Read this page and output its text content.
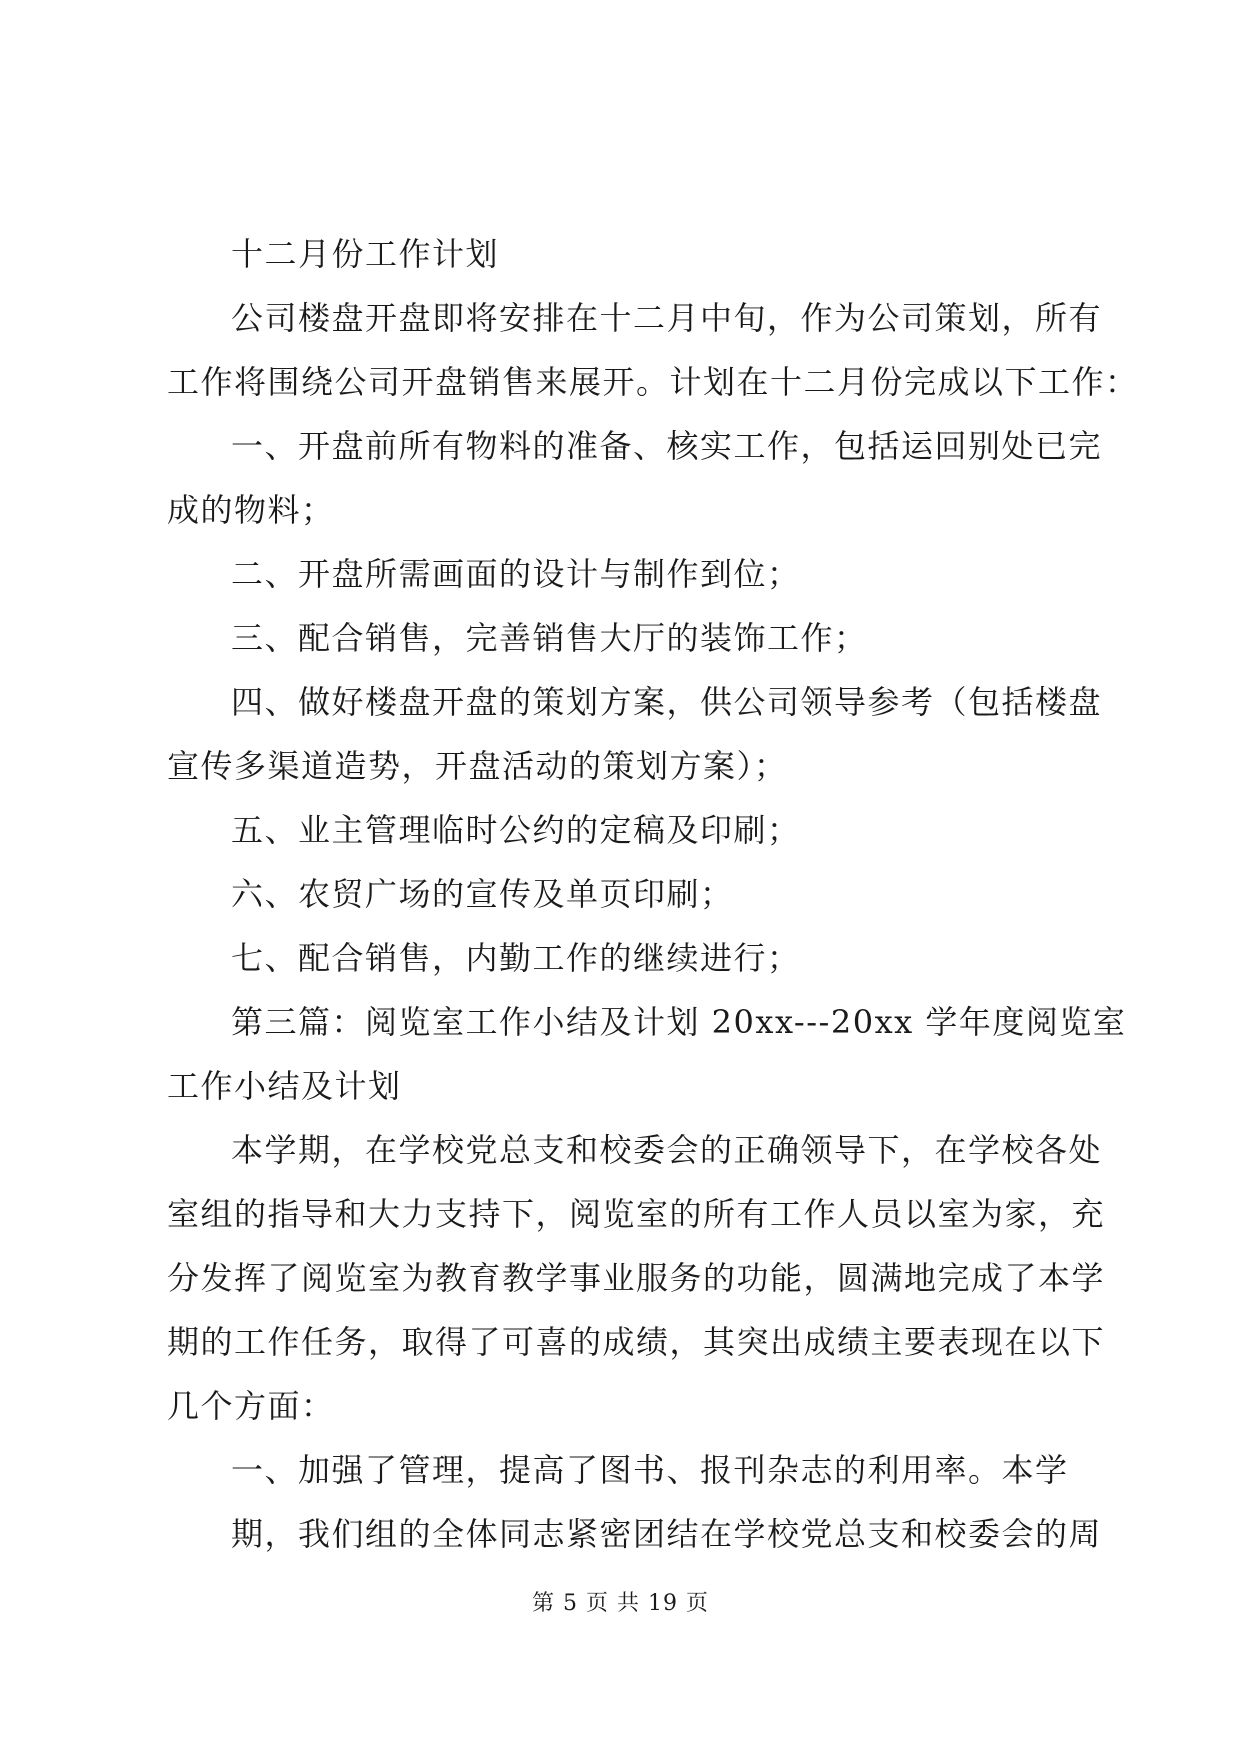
十二月份工作计划
公司楼盘开盘即将安排在十二月中旬，作为公司策划，所有
工作将围绕公司开盘销售来展开。计划在十二月份完成以下工作：
一、开盘前所有物料的准备、核实工作，包括运回别处已完
成的物料；
二、开盘所需画面的设计与制作到位；
三、配合销售，完善销售大厅的装饰工作；
四、做好楼盘开盘的策划方案，供公司领导参考（包括楼盘
宣传多渠道造势，开盘活动的策划方案）；
五、业主管理临时公约的定稿及印刷；
六、农贸广场的宣传及单页印刷；
七、配合销售，内勤工作的继续进行；
第三篇：阅览室工作小结及计划 20xx---20xx 学年度阅览室
工作小结及计划
本学期，在学校党总支和校委会的正确领导下，在学校各处
室组的指导和大力支持下，阅览室的所有工作人员以室为家，充
分发挥了阅览室为教育教学事业服务的功能，圆满地完成了本学
期的工作任务，取得了可喜的成绩，其突出成绩主要表现在以下
几个方面：
一、加强了管理，提高了图书、报刊杂志的利用率。本学
期，我们组的全体同志紧密团结在学校党总支和校委会的周
第 5 页 共 19 页
